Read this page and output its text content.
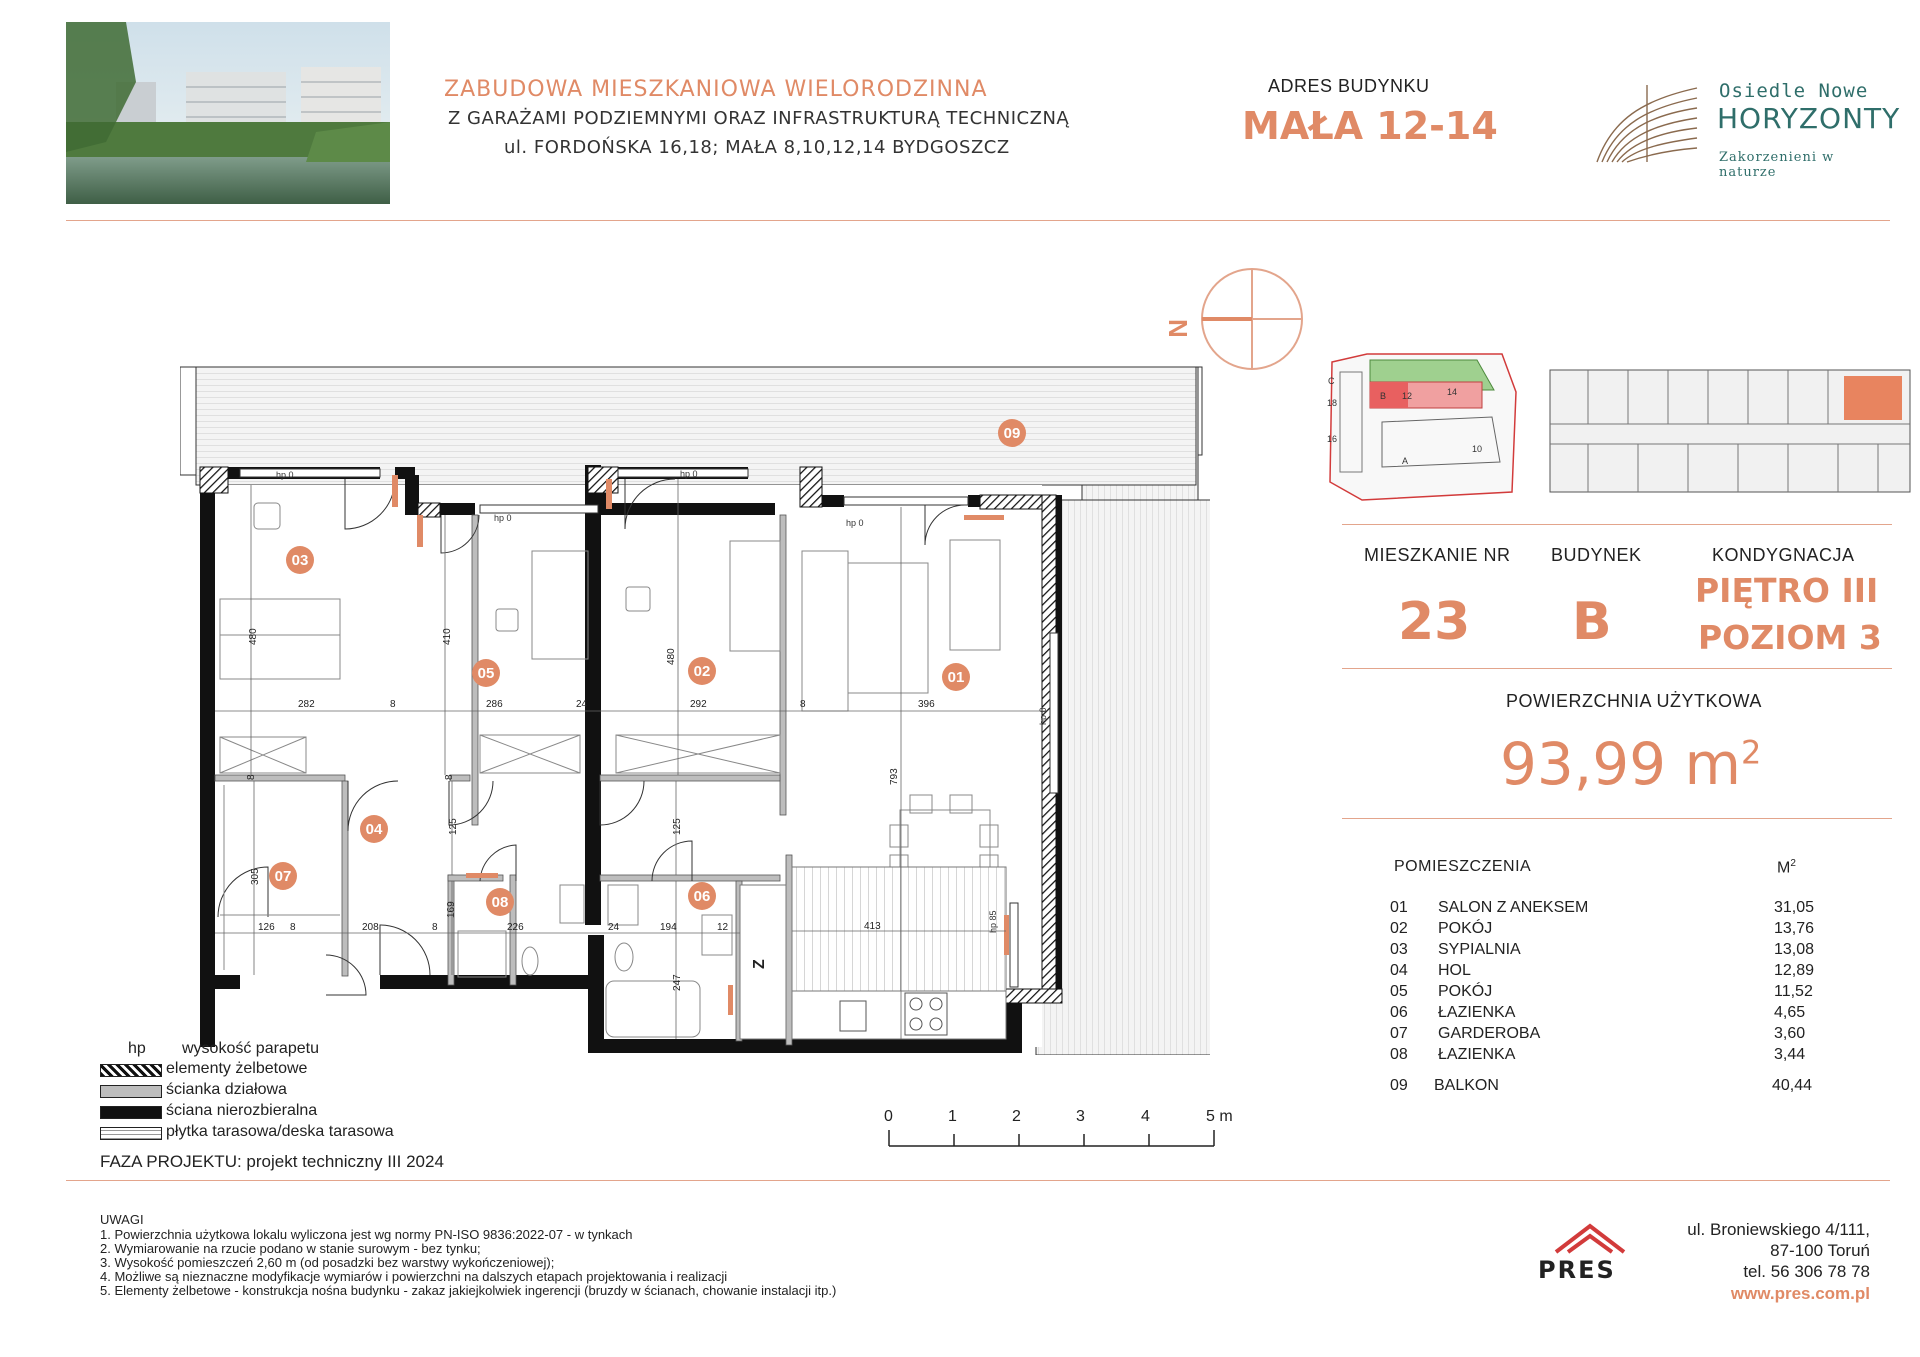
ZABUDOWA MIESZKANIOWA WIELORODZINNA
Z GARAŻAMI PODZIEMNYMI ORAZ INFRASTRUKTURĄ TECHNICZNĄ
ul. FORDOŃSKA 16,18; MAŁA 8,10,12,14 BYDGOSZCZ
ADRES BUDYNKU
MAŁA 12-14
Osiedle Nowe
HORYZONTY
Zakorzenieni w naturze
N
C
B 12	14
A
10
18
16
MIESZKANIE NR BUDYNEK	KONDYGNACJA
23 B
PIĘTRO III
POZIOM 3
POWIERZCHNIA UŻYTKOWA
93,99 $m^2$
POMIESZCZENIA	$M^2$
01 SALON Z ANEKSEM	31,05
02 POKÓJ	13,76
03 SYPIALNIA	13,08
04 HOL	12,89
05 POKÓJ	11,52
06 ŁAZIENKA	4,65
07 GARDEROBA	3,60
08 ŁAZIENKA	3,44
09 BALKON	40,44
Z
282	8	286	24	292	8	396
480	410
480
793
125	125
305
126 8	208	8
169
226	24	194	12
247
413
8
8
hp 0
hp 0
hp 0
hp 0
hp 0
hp 85
01
02
03
04
05
06
07
08
09
hp wysokość parapetu
elementy żelbetowe
ścianka działowa
ściana nierozbieralna
płytka tarasowa/deska tarasowa
FAZA PROJEKTU: projekt techniczny III 2024
0	1	2	3	4	5 m
UWAGI
1. Powierzchnia użytkowa lokalu wyliczona jest wg normy PN-ISO 9836:2022-07 - w tynkach
2. Wymiarowanie na rzucie podano w stanie surowym - bez tynku;
3. Wysokość pomieszczeń 2,60 m (od posadzki bez warstwy wykończeniowej);
4. Możliwe są nieznaczne modyfikacje wymiarów i powierzchni na dalszych etapach projektowania i realizacji
5. Elementy żelbetowe - konstrukcja nośna budynku - zakaz jakiejkolwiek ingerencji (bruzdy w ścianach, chowanie instalacji itp.)
PRES
ul. Broniewskiego 4/111,
87-100 Toruń
tel. 56 306 78 78
www.pres.com.pl
